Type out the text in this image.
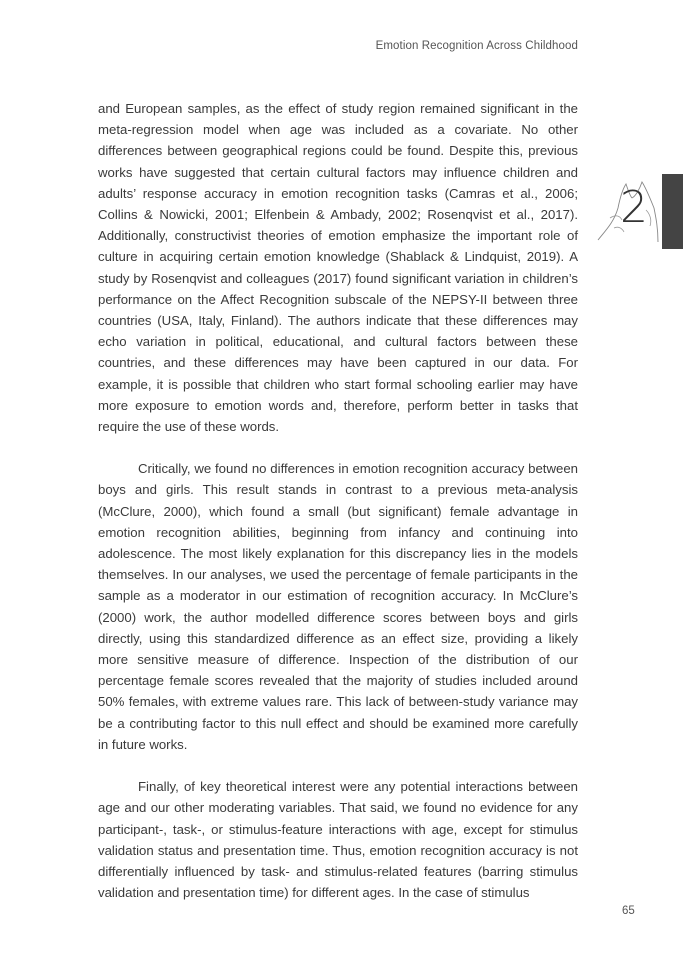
Emotion Recognition Across Childhood
2

and European samples, as the effect of study region remained significant in the meta-regression model when age was included as a covariate. No other differences between geographical regions could be found. Despite this, previous works have suggested that certain cultural factors may influence children and adults’ response accuracy in emotion recognition tasks (Camras et al., 2006; Collins & Nowicki, 2001; Elfenbein & Ambady, 2002; Rosenqvist et al., 2017). Additionally, constructivist theories of emotion emphasize the important role of culture in acquiring certain emotion knowledge (Shablack & Lindquist, 2019). A study by Rosenqvist and colleagues (2017) found significant variation in children’s performance on the Affect Recognition subscale of the NEPSY-II between three countries (USA, Italy, Finland). The authors indicate that these differences may echo variation in political, educational, and cultural factors between these countries, and these differences may have been captured in our data. For example, it is possible that children who start formal schooling earlier may have more exposure to emotion words and, therefore, perform better in tasks that require the use of these words.

Critically, we found no differences in emotion recognition accuracy between boys and girls. This result stands in contrast to a previous meta-analysis (McClure, 2000), which found a small (but significant) female advantage in emotion recognition abilities, beginning from infancy and continuing into adolescence. The most likely explanation for this discrepancy lies in the models themselves. In our analyses, we used the percentage of female participants in the sample as a moderator in our estimation of recognition accuracy. In McClure’s (2000) work, the author modelled difference scores between boys and girls directly, using this standardized difference as an effect size, providing a likely more sensitive measure of difference. Inspection of the distribution of our percentage female scores revealed that the majority of studies included around 50% females, with extreme values rare. This lack of between-study variance may be a contributing factor to this null effect and should be examined more carefully in future works.

Finally, of key theoretical interest were any potential interactions between age and our other moderating variables. That said, we found no evidence for any participant-, task-, or stimulus-feature interactions with age, except for stimulus validation status and presentation time. Thus, emotion recognition accuracy is not differentially influenced by task- and stimulus-related features (barring stimulus validation and presentation time) for different ages. In the case of stimulus

65
